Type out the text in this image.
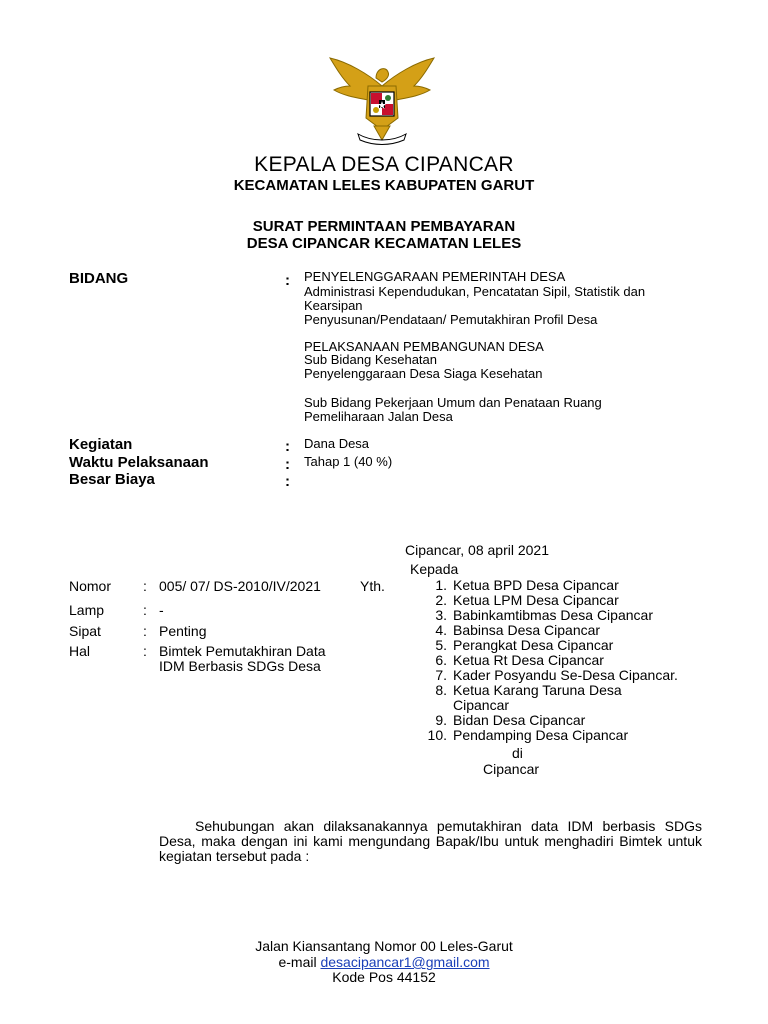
KEPALA DESA CIPANCAR
KECAMATAN LELES KABUPATEN GARUT
SURAT PERMINTAAN PEMBAYARAN
DESA CIPANCAR KECAMATAN LELES
BIDANG	: PENYELENGGARAAN PEMERINTAH DESA
Administrasi Kependudukan, Pencatatan Sipil, Statistik dan
Kearsipan
Penyusunan/Pendataan/ Pemutakhiran Profil Desa
PELAKSANAAN PEMBANGUNAN DESA
Sub Bidang Kesehatan
Penyelenggaraan Desa Siaga Kesehatan
Sub Bidang Pekerjaan Umum dan Penataan Ruang
Pemeliharaan Jalan Desa
Kegiatan	: Dana Desa
Waktu Pelaksanaan	: Tahap 1 (40 %)
Besar Biaya	:
Cipancar, 08 april 2021
Kepada
Nomor : 005/ 07/ DS-2010/IV/2021	Yth.
Lamp	: -
Sipat	: Penting
Hal	: Bimtek Pemutakhiran Data
IDM Berbasis SDGs Desa
1. Ketua BPD Desa Cipancar
2. Ketua LPM Desa Cipancar
3. Babinkamtibmas Desa Cipancar
4. Babinsa Desa Cipancar
5. Perangkat Desa Cipancar
6. Ketua Rt Desa Cipancar
7. Kader Posyandu Se-Desa Cipancar.
8. Ketua Karang Taruna Desa
Cipancar
9. Bidan Desa Cipancar
10. Pendamping Desa Cipancar
di
Cipancar
Sehubungan akan dilaksanakannya pemutakhiran data IDM berbasis SDGs Desa, maka dengan ini kami mengundang Bapak/Ibu untuk menghadiri Bimtek untuk kegiatan tersebut pada :
Jalan Kiansantang Nomor 00 Leles-Garut
e-mail desacipancar1@gmail.com
Kode Pos 44152
